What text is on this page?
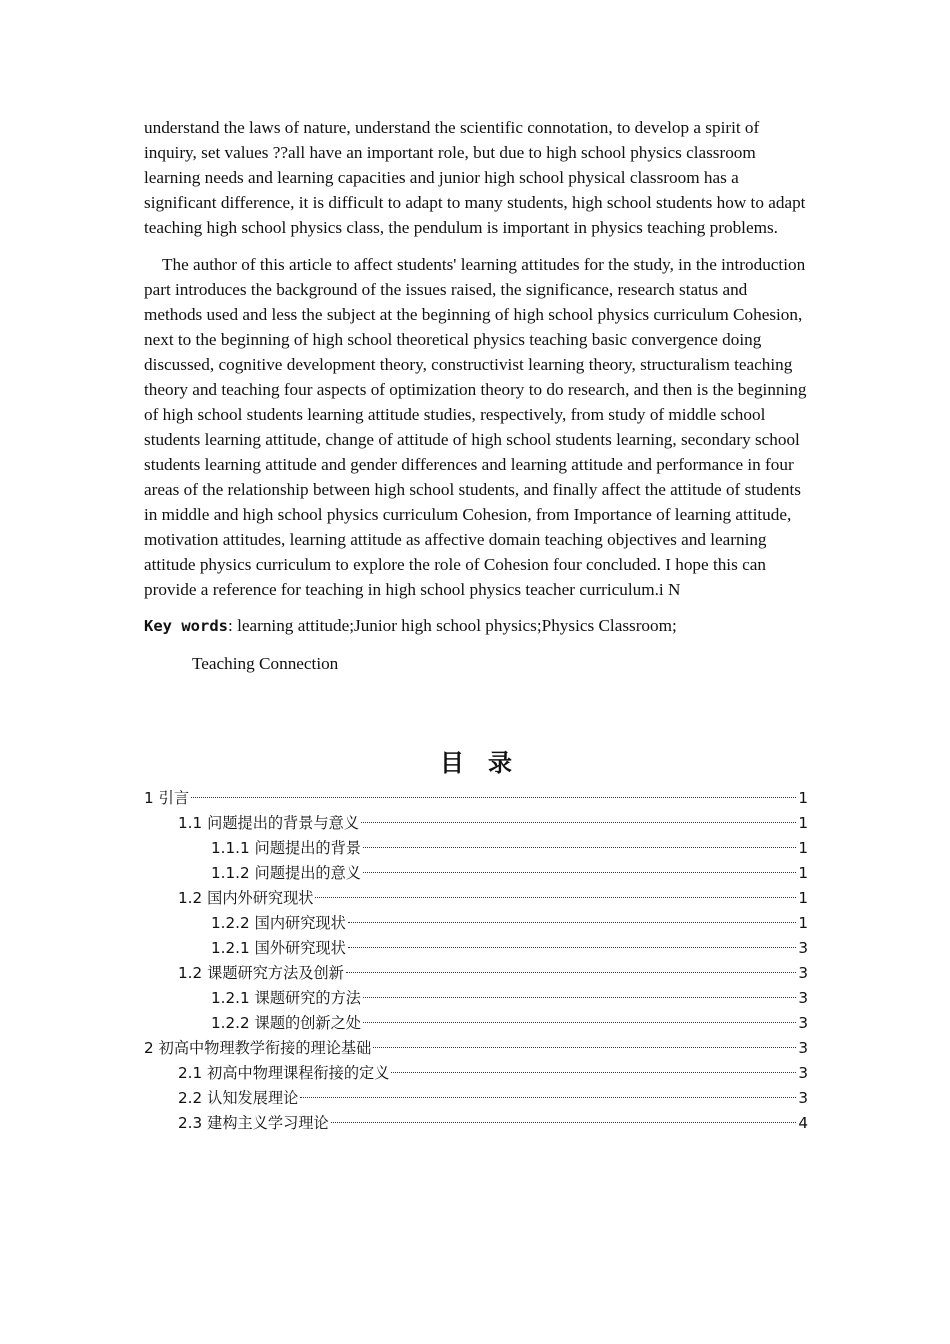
understand the laws of nature, understand the scientific connotation, to develop a spirit of inquiry, set values ??all have an important role, but due to high school physics classroom learning needs and learning capacities and junior high school physical classroom has a significant difference, it is difficult to adapt to many students, high school students how to adapt teaching high school physics class, the pendulum is important in physics teaching problems.

The author of this article to affect students' learning attitudes for the study, in the introduction part introduces the background of the issues raised, the significance, research status and methods used and less the subject at the beginning of high school physics curriculum Cohesion, next to the beginning of high school theoretical physics teaching basic convergence doing discussed, cognitive development theory, constructivist learning theory, structuralism teaching theory and teaching four aspects of optimization theory to do research, and then is the beginning of high school students learning attitude studies, respectively, from study of middle school students learning attitude, change of attitude of high school students learning, secondary school students learning attitude and gender differences and learning attitude and performance in four areas of the relationship between high school students, and finally affect the attitude of students in middle and high school physics curriculum Cohesion, from Importance of learning attitude, motivation attitudes, learning attitude as affective domain teaching objectives and learning attitude physics curriculum to explore the role of Cohesion four concluded. I hope this can provide a reference for teaching in high school physics teacher curriculum.i N

Key words: learning attitude;Junior high school physics;Physics Classroom;
Teaching Connection
目录
1 引言	1
1.1 问题提出的背景与意义	1
1.1.1 问题提出的背景	1
1.1.2 问题提出的意义	1
1.2 国内外研究现状	1
1.2.2 国内研究现状	1
1.2.1 国外研究现状	3
1.2 课题研究方法及创新	3
1.2.1 课题研究的方法	3
1.2.2 课题的创新之处	3
2 初高中物理教学衔接的理论基础	3
2.1 初高中物理课程衔接的定义	3
2.2 认知发展理论	3
2.3 建构主义学习理论	4
